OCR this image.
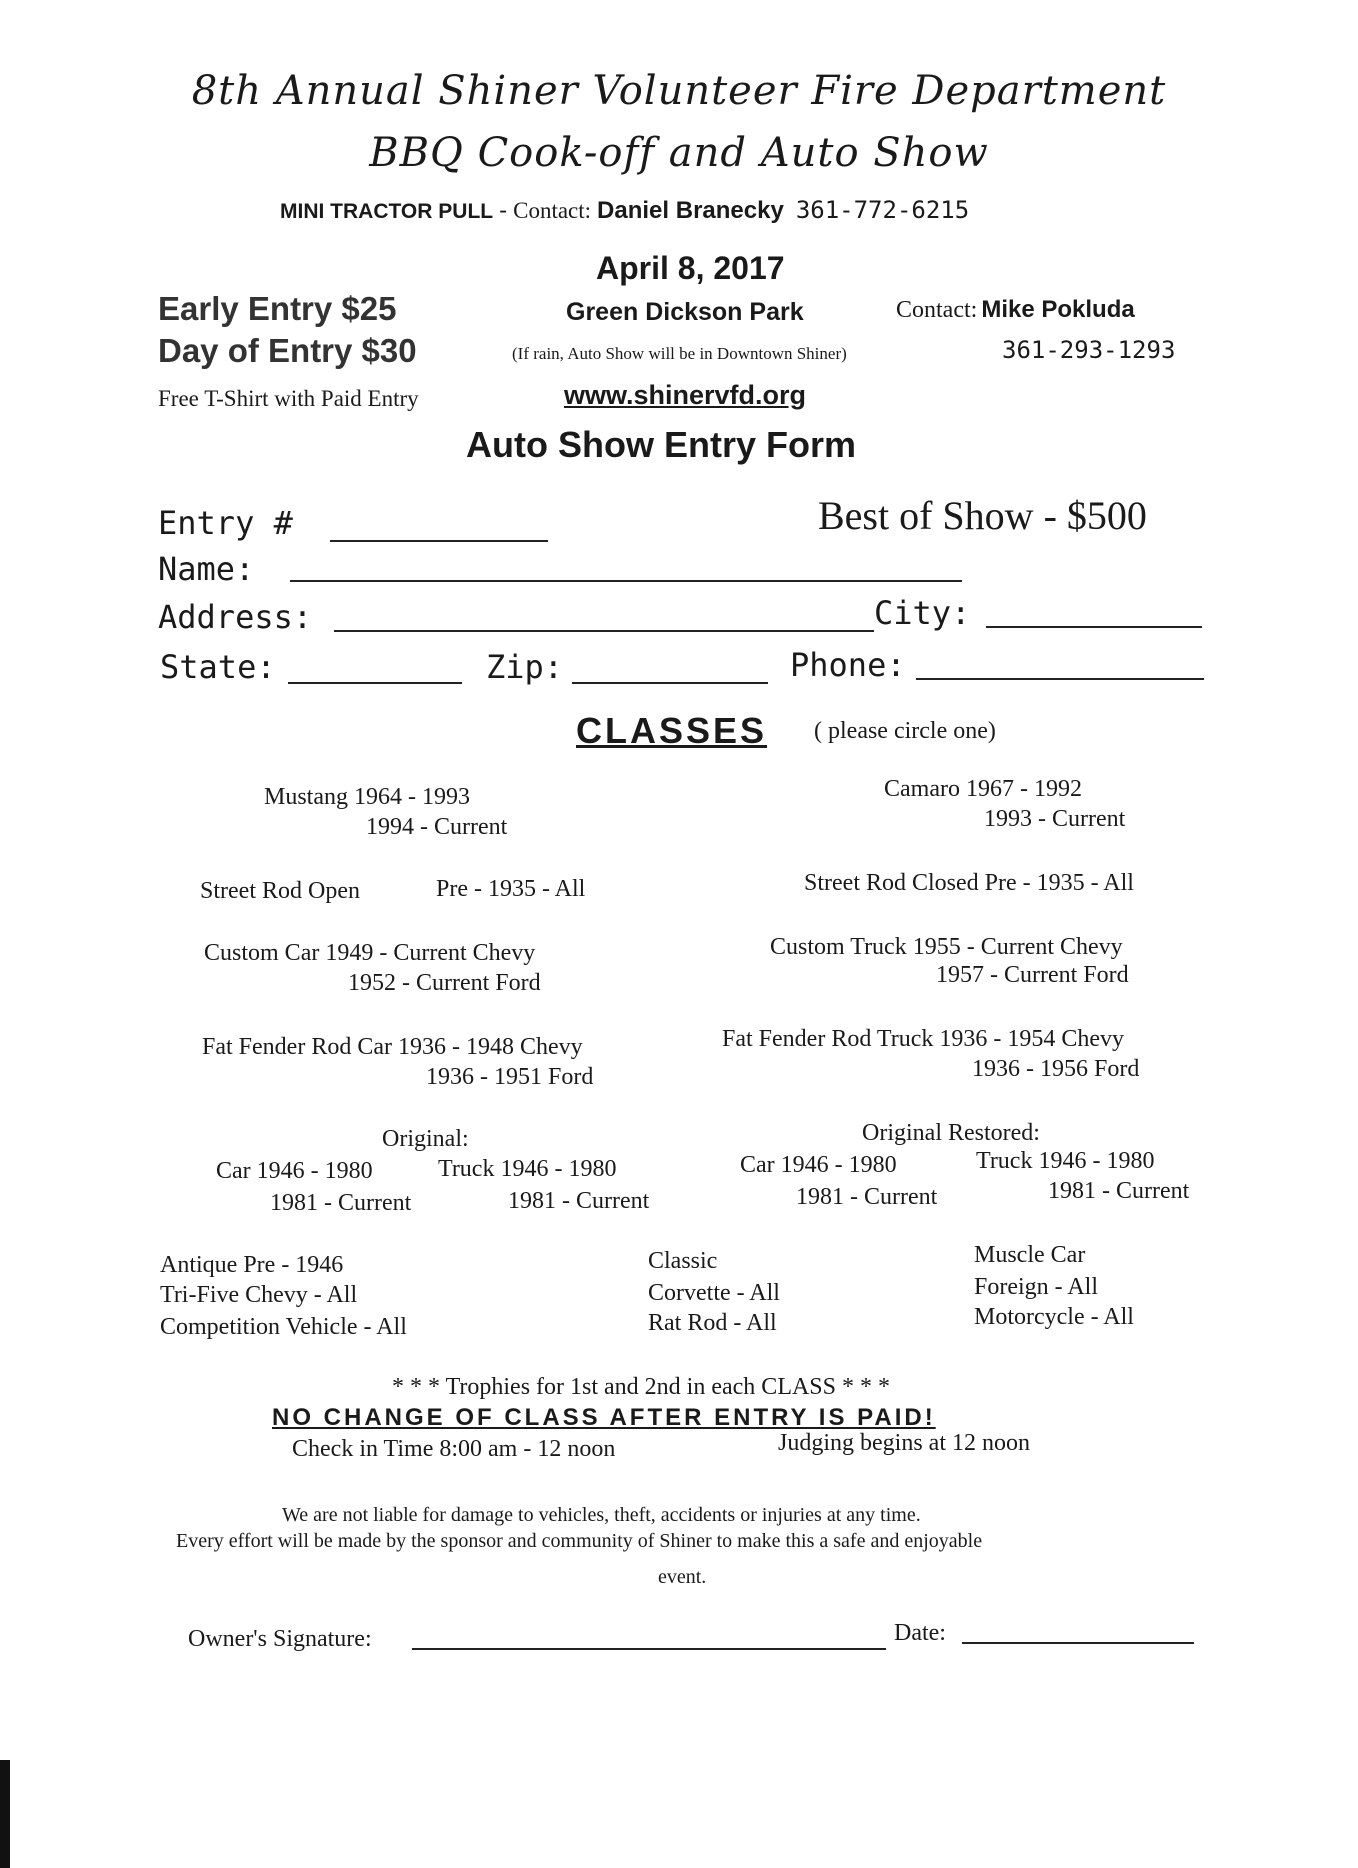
8th Annual Shiner Volunteer Fire Department
BBQ Cook-off and Auto Show
MINI TRACTOR PULL - Contact: Daniel Branecky 361-772-6215
April 8, 2017
Early Entry $25
Day of Entry $30
Free T-Shirt with Paid Entry
Green Dickson Park
(If rain, Auto Show will be in Downtown Shiner)
www.shinervfd.org
Contact: Mike Pokluda
361-293-1293
Auto Show Entry Form
Entry #	Best of Show - $500
Name:
Address:	City:
State:	Zip:	Phone:
CLASSES ( please circle one)
Mustang 1964 - 1993
1994 - Current
Camaro 1967 - 1992
1993 - Current
Street Rod Open	Pre - 1935 - All	Street Rod Closed Pre - 1935 - All
Custom Car 1949 - Current Chevy
1952 - Current Ford
Custom Truck 1955 - Current Chevy
1957 - Current Ford
Fat Fender Rod Car 1936 - 1948 Chevy
1936 - 1951 Ford
Fat Fender Rod Truck 1936 - 1954 Chevy
1936 - 1956 Ford
Original:
Car 1946 - 1980	Truck 1946 - 1980
1981 - Current	1981 - Current
Original Restored:
Car 1946 - 1980	Truck 1946 - 1980
1981 - Current	1981 - Current
Antique Pre - 1946
Tri-Five Chevy - All
Competition Vehicle - All
Classic
Corvette - All
Rat Rod - All
Muscle Car
Foreign - All
Motorcycle - All
* * * Trophies for 1st and 2nd in each CLASS * * *
NO CHANGE OF CLASS AFTER ENTRY IS PAID!
Check in Time 8:00 am - 12 noon	Judging begins at 12 noon
We are not liable for damage to vehicles, theft, accidents or injuries at any time.
Every effort will be made by the sponsor and community of Shiner to make this a safe and enjoyable
event.
Owner's Signature:	Date:
